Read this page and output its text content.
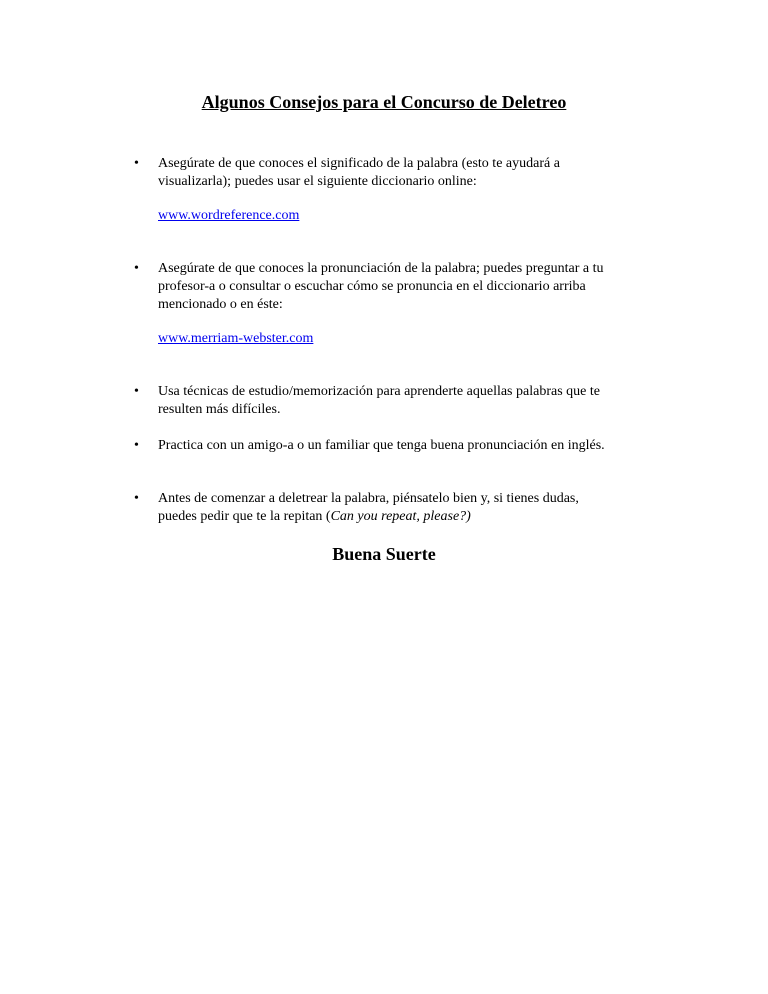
Algunos Consejos para el Concurso de Deletreo
• Asegúrate de que conoces el significado de la palabra (esto te ayudará a
visualizarla); puedes usar el siguiente diccionario online:
www.wordreference.com
• Asegúrate de que conoces la pronunciación de la palabra; puedes preguntar a tu
profesor-a o consultar o escuchar cómo se pronuncia en el diccionario arriba
mencionado o en éste:
www.merriam-webster.com
• Usa técnicas de estudio/memorización para aprenderte aquellas palabras que te
resulten más difíciles.
• Practica con un amigo-a o un familiar que tenga buena pronunciación en inglés.
• Antes de comenzar a deletrear la palabra, piénsatelo bien y, si tienes dudas,
puedes pedir que te la repitan (Can you repeat, please?)
Buena Suerte
